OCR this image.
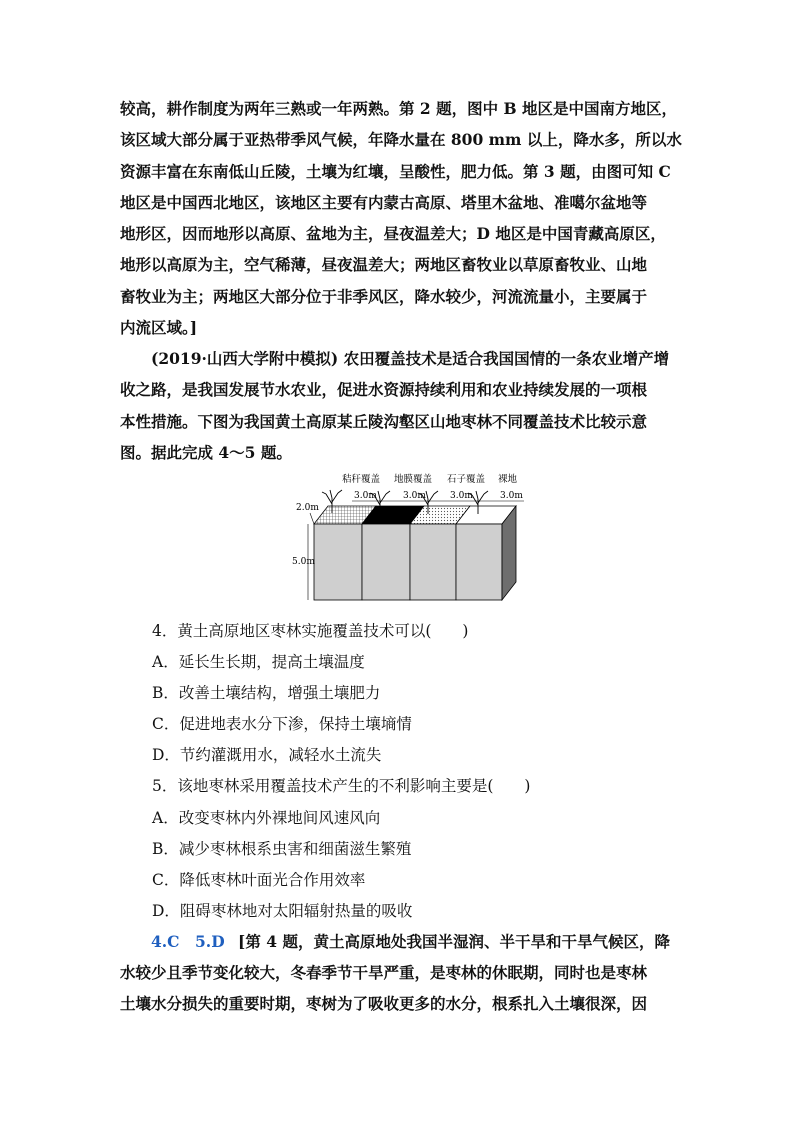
较高，耕作制度为两年三熟或一年两熟。第 2 题，图中 B 地区是中国南方地区，
该区域大部分属于亚热带季风气候，年降水量在 800 mm 以上，降水多，所以水
资源丰富在东南低山丘陵，土壤为红壤，呈酸性，肥力低。第 3 题，由图可知 C
地区是中国西北地区，该地区主要有内蒙古高原、塔里木盆地、准噶尔盆地等
地形区，因而地形以高原、盆地为主，昼夜温差大；D 地区是中国青藏高原区，
地形以高原为主，空气稀薄，昼夜温差大；两地区畜牧业以草原畜牧业、山地
畜牧业为主；两地区大部分位于非季风区，降水较少，河流流量小，主要属于
内流区域。]
(2019·山西大学附中模拟) 农田覆盖技术是适合我国国情的一条农业增产增
收之路，是我国发展节水农业，促进水资源持续利用和农业持续发展的一项根
本性措施。下图为我国黄土高原某丘陵沟壑区山地枣林不同覆盖技术比较示意
图。据此完成 4～5 题。
秸秆覆盖 地膜覆盖 石子覆盖 裸地
3.0m	3.0m	3.0m	3.0m
2.0m
5.0m
4．黄土高原地区枣林实施覆盖技术可以(　　)
A．延长生长期，提高土壤温度
B．改善土壤结构，增强土壤肥力
C．促进地表水分下渗，保持土壤墒情
D．节约灌溉用水，减轻水土流失
5．该地枣林采用覆盖技术产生的不利影响主要是(　　)
A．改变枣林内外裸地间风速风向
B．减少枣林根系虫害和细菌滋生繁殖
C．降低枣林叶面光合作用效率
D．阻碍枣林地对太阳辐射热量的吸收
4.C　5.D [第 4 题，黄土高原地处我国半湿润、半干旱和干旱气候区，降
水较少且季节变化较大，冬春季节干旱严重，是枣林的休眠期，同时也是枣林
土壤水分损失的重要时期，枣树为了吸收更多的水分，根系扎入土壤很深，因
